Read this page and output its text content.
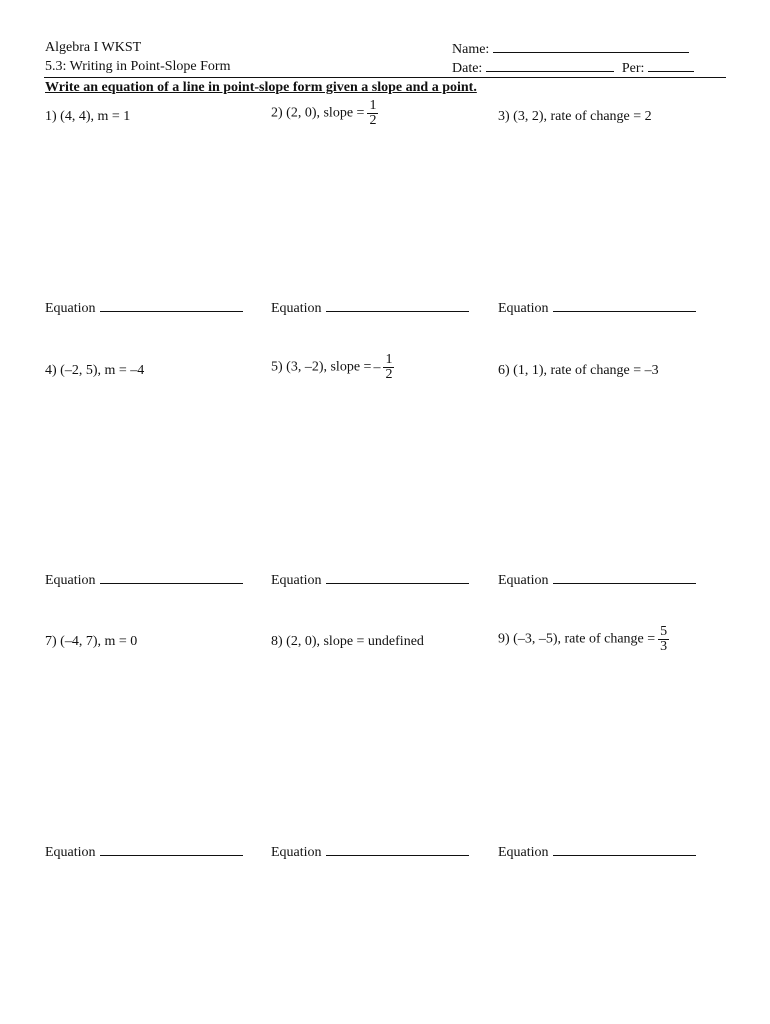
Algebra I WKST
5.3: Writing in Point-Slope Form
Name:
Date:	Per:
Write an equation of a line in point-slope form given a slope and a point.
1) (4, 4), m = 1	2) (2, 0), slope = $\frac{1}{2}$	3) (3, 2), rate of change = 2
Equation	Equation	Equation
4) (–2, 5), m = –4	5) (3, –2), slope = – $\frac{1}{2}$	6) (1, 1), rate of change = –3
Equation	Equation	Equation
7) (–4, 7), m = 0	8) (2, 0), slope = undefined	9) (–3, –5), rate of change = $\frac{5}{3}$
Equation	Equation	Equation
